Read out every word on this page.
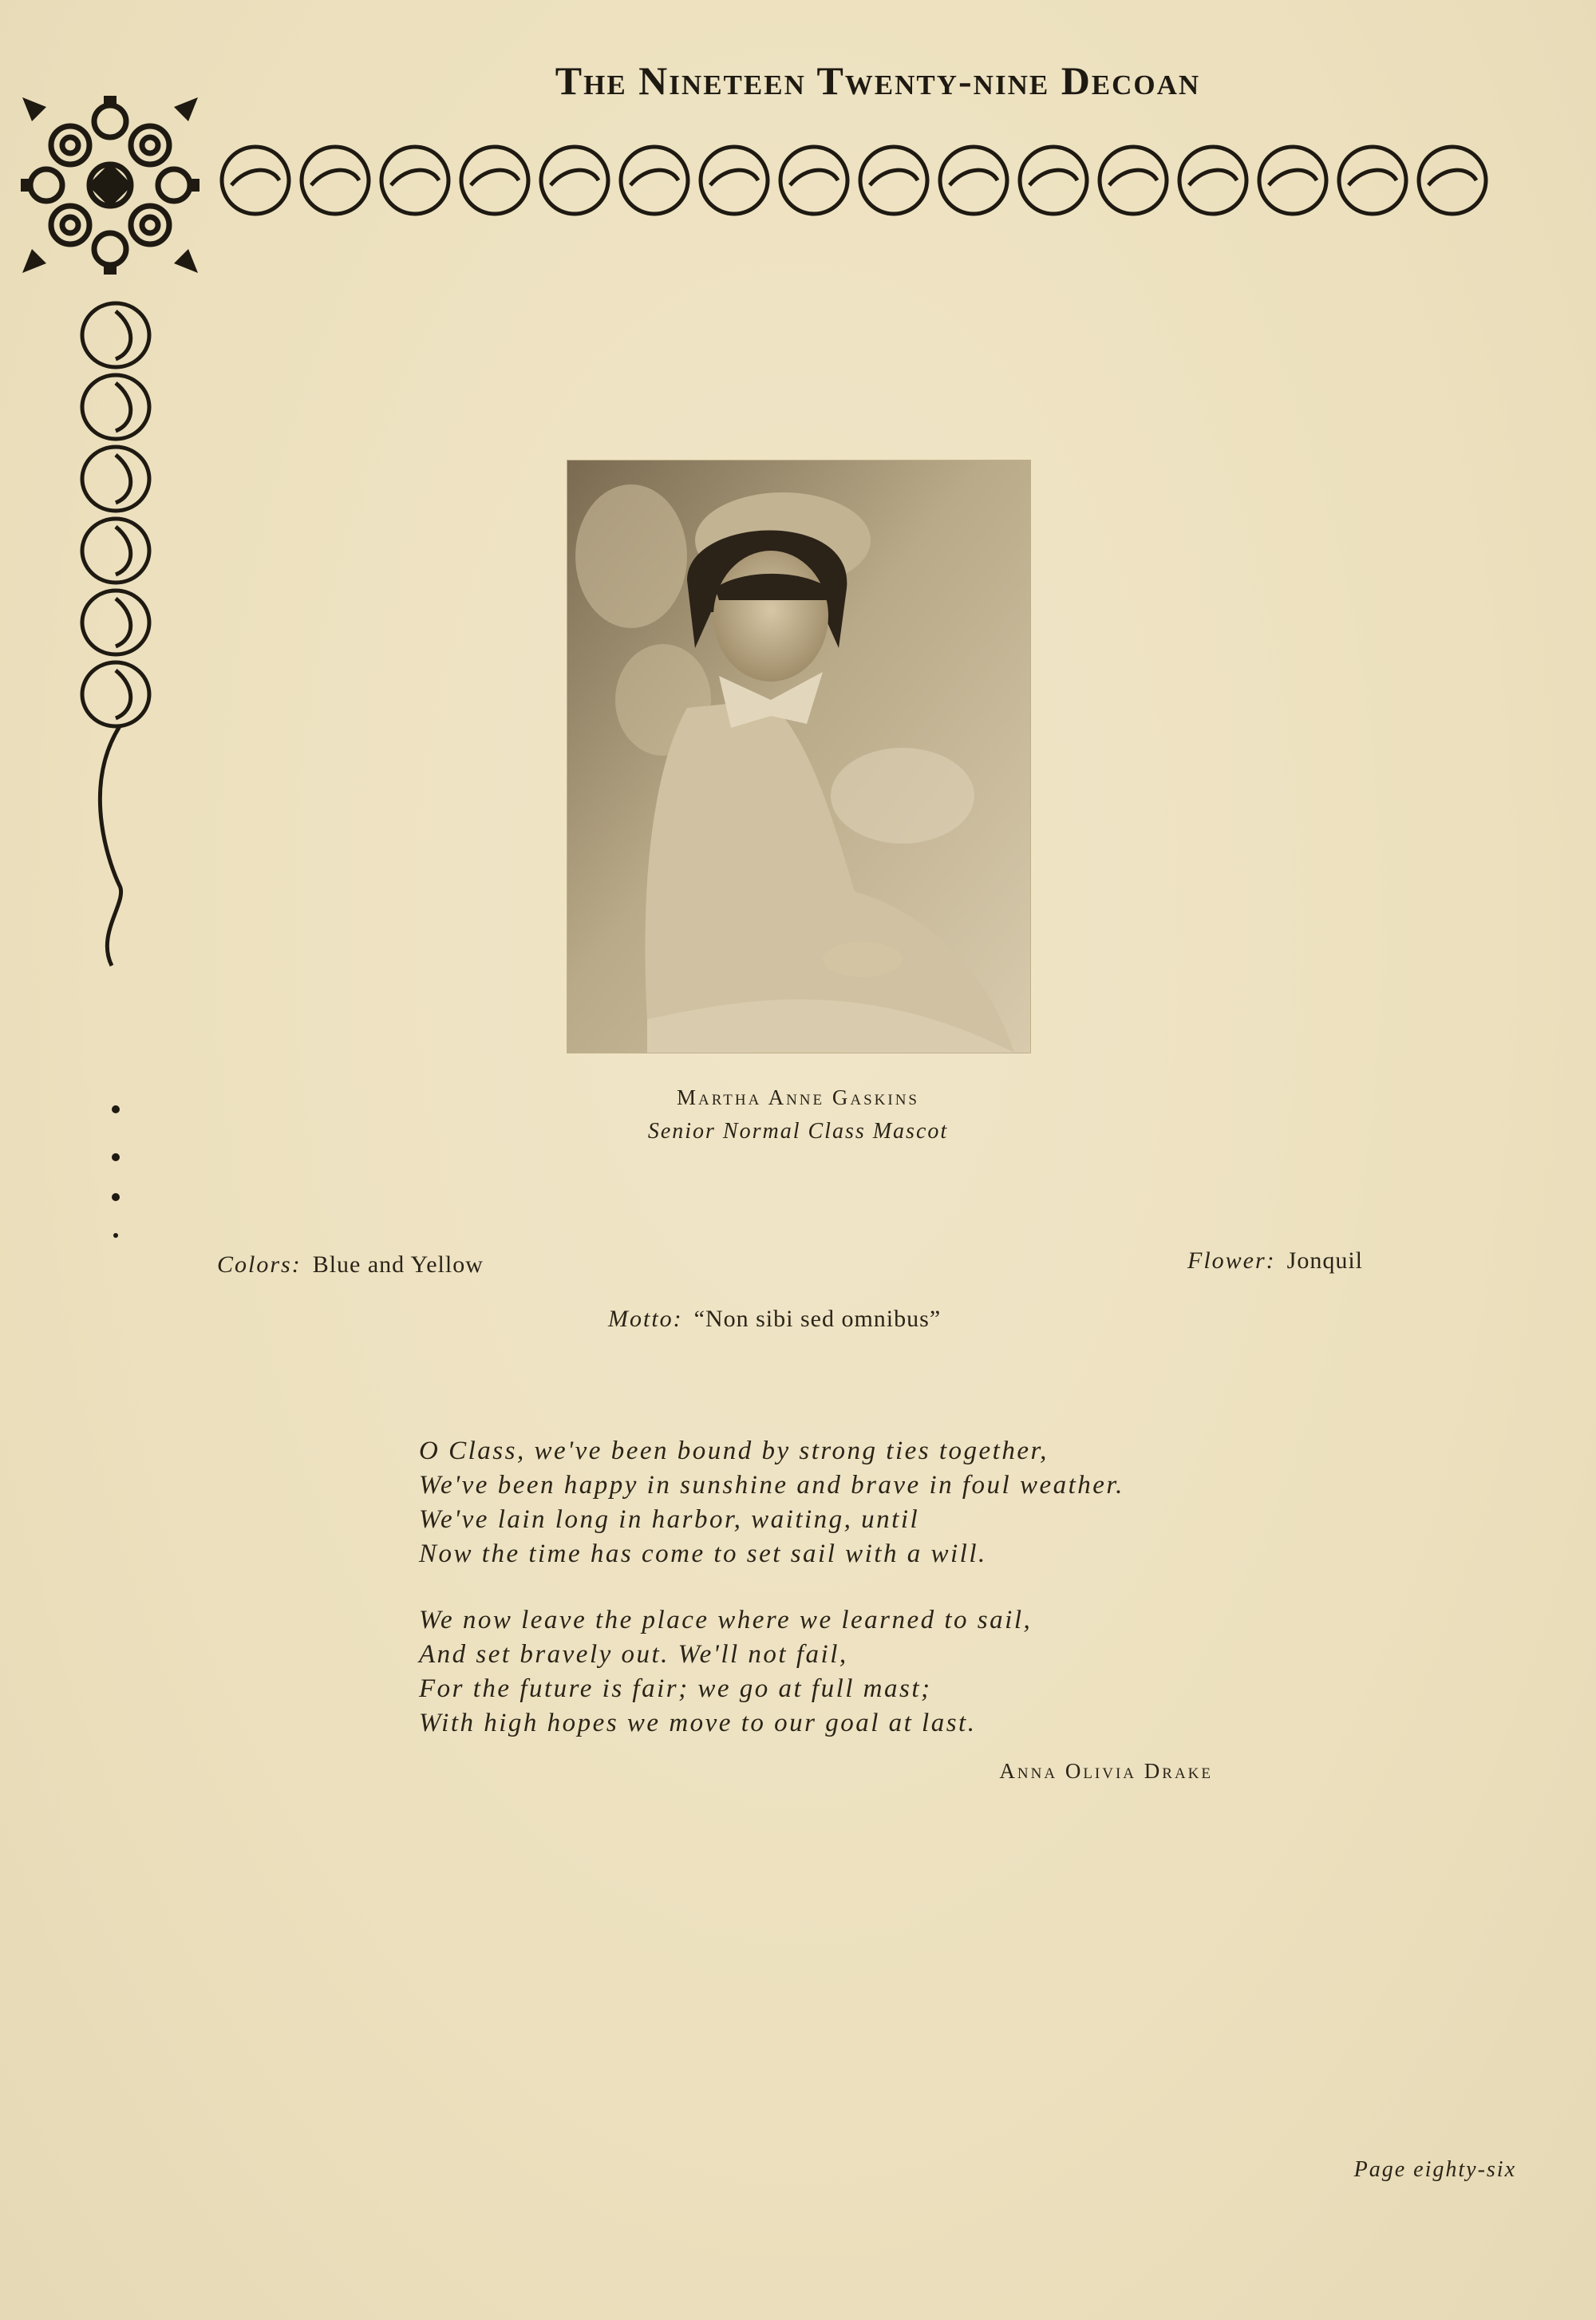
The Nineteen Twenty-nine Decoan
Martha Anne Gaskins
Senior Normal Class Mascot
Colors: Blue and Yellow	Flower: Jonquil
Motto: “Non sibi sed omnibus”
O Class, we've been bound by strong ties together,
We've been happy in sunshine and brave in foul weather.
We've lain long in harbor, waiting, until
Now the time has come to set sail with a will.
We now leave the place where we learned to sail,
And set bravely out. We'll not fail,
For the future is fair; we go at full mast;
With high hopes we move to our goal at last.
Anna Olivia Drake
Page eighty-six
